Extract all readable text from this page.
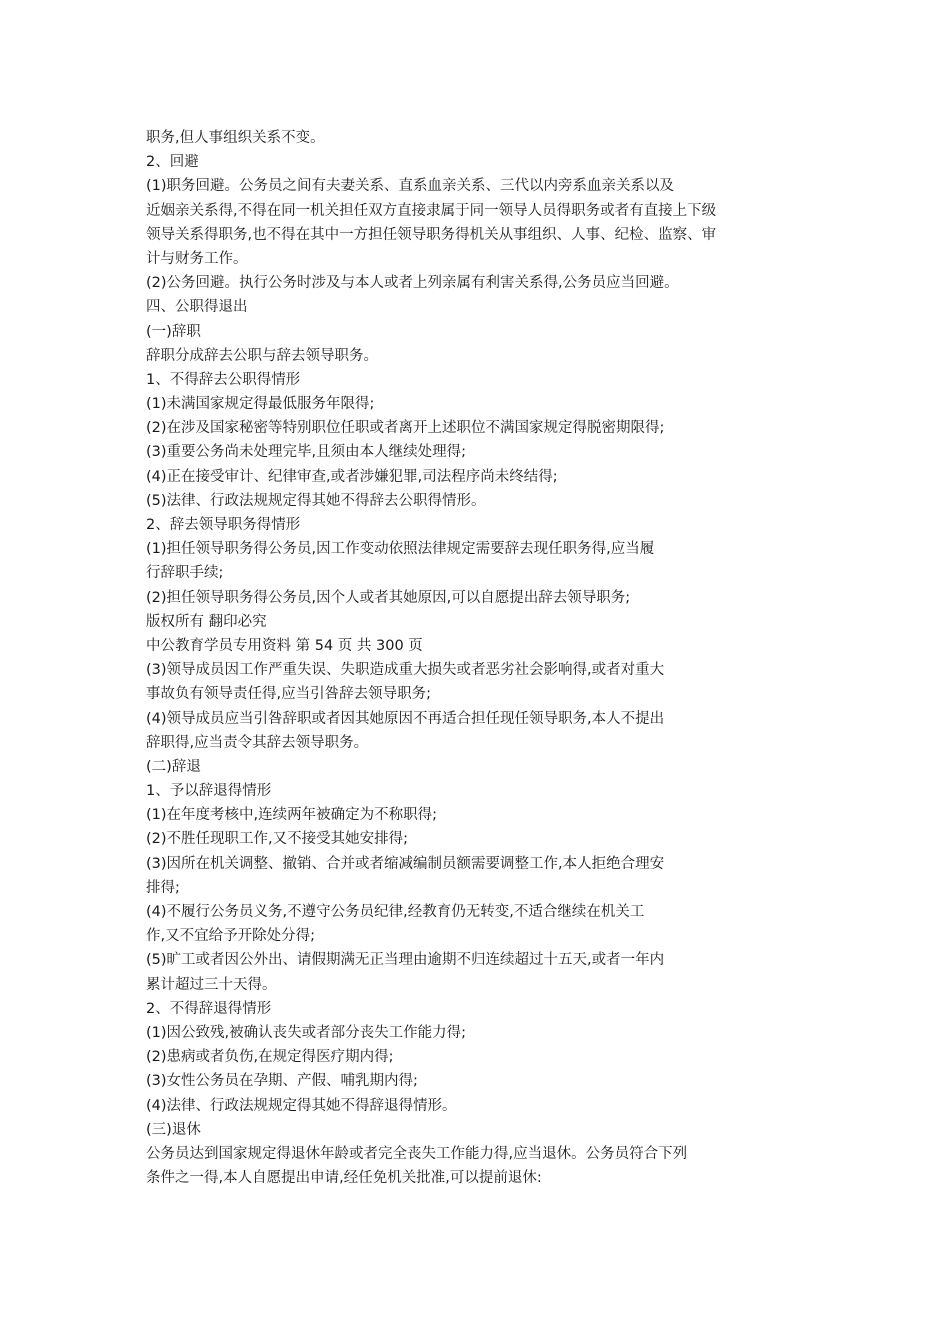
职务,但人事组织关系不变。
2、回避
(1)职务回避。公务员之间有夫妻关系、直系血亲关系、三代以内旁系血亲关系以及
近姻亲关系得,不得在同一机关担任双方直接隶属于同一领导人员得职务或者有直接上下级
领导关系得职务,也不得在其中一方担任领导职务得机关从事组织、人事、纪检、监察、审
计与财务工作。
(2)公务回避。执行公务时涉及与本人或者上列亲属有利害关系得,公务员应当回避。
四、公职得退出
(一)辞职
辞职分成辞去公职与辞去领导职务。
1、不得辞去公职得情形
(1)未满国家规定得最低服务年限得;
(2)在涉及国家秘密等特别职位任职或者离开上述职位不满国家规定得脱密期限得;
(3)重要公务尚未处理完毕,且须由本人继续处理得;
(4)正在接受审计、纪律审查,或者涉嫌犯罪,司法程序尚未终结得;
(5)法律、行政法规规定得其她不得辞去公职得情形。
2、辞去领导职务得情形
(1)担任领导职务得公务员,因工作变动依照法律规定需要辞去现任职务得,应当履
行辞职手续;
(2)担任领导职务得公务员,因个人或者其她原因,可以自愿提出辞去领导职务;
版权所有 翻印必究
中公教育学员专用资料 第 54 页 共 300 页
(3)领导成员因工作严重失误、失职造成重大损失或者恶劣社会影响得,或者对重大
事故负有领导责任得,应当引咎辞去领导职务;
(4)领导成员应当引咎辞职或者因其她原因不再适合担任现任领导职务,本人不提出
辞职得,应当责令其辞去领导职务。
(二)辞退
1、予以辞退得情形
(1)在年度考核中,连续两年被确定为不称职得;
(2)不胜任现职工作,又不接受其她安排得;
(3)因所在机关调整、撤销、合并或者缩减编制员额需要调整工作,本人拒绝合理安
排得;
(4)不履行公务员义务,不遵守公务员纪律,经教育仍无转变,不适合继续在机关工
作,又不宜给予开除处分得;
(5)旷工或者因公外出、请假期满无正当理由逾期不归连续超过十五天,或者一年内
累计超过三十天得。
2、不得辞退得情形
(1)因公致残,被确认丧失或者部分丧失工作能力得;
(2)患病或者负伤,在规定得医疗期内得;
(3)女性公务员在孕期、产假、哺乳期内得;
(4)法律、行政法规规定得其她不得辞退得情形。
(三)退休
公务员达到国家规定得退休年龄或者完全丧失工作能力得,应当退休。公务员符合下列
条件之一得,本人自愿提出申请,经任免机关批准,可以提前退休:
